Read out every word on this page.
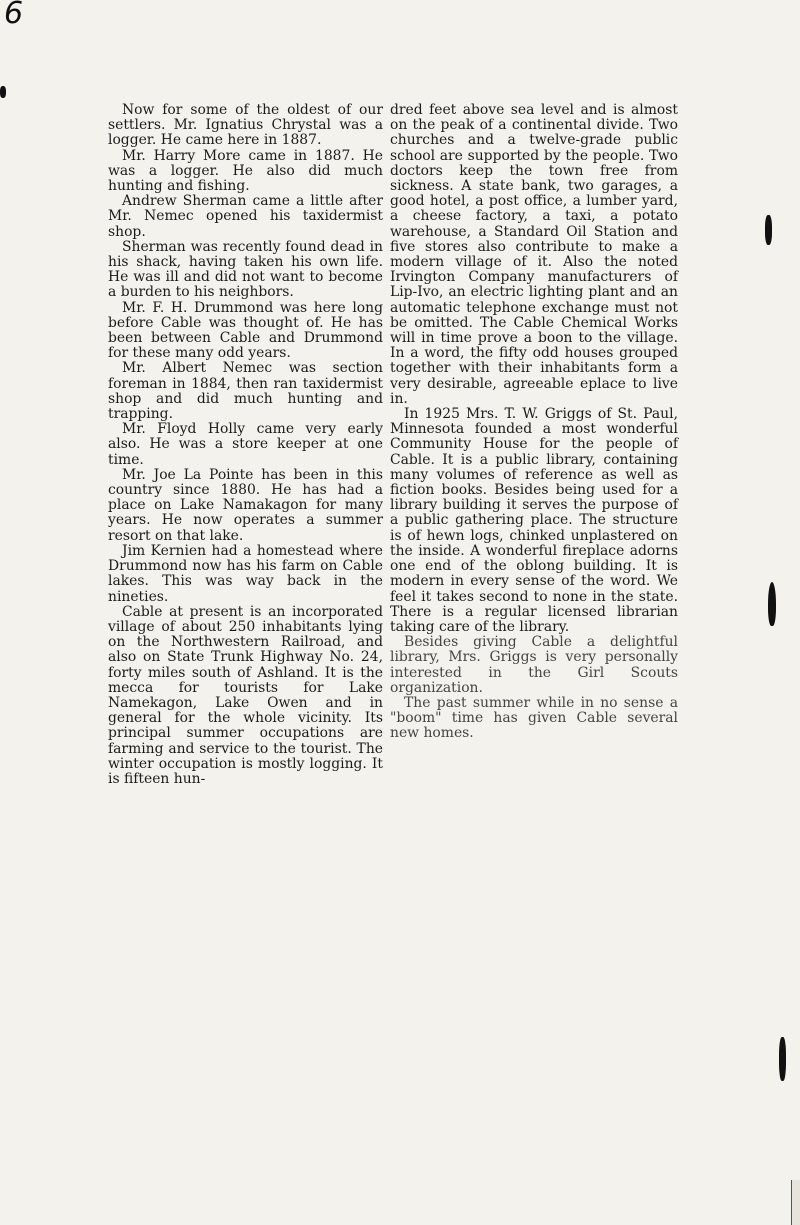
6

Now for some of the oldest of our settlers. Mr. Ignatius Chrystal was a logger. He came here in 1887.

Mr. Harry More came in 1887. He was a logger. He also did much hunting and fishing.

Andrew Sherman came a little after Mr. Nemec opened his taxidermist shop.

Sherman was recently found dead in his shack, having taken his own life. He was ill and did not want to become a burden to his neighbors.

Mr. F. H. Drummond was here long before Cable was thought of. He has been between Cable and Drummond for these many odd years.

Mr. Albert Nemec was section foreman in 1884, then ran taxidermist shop and did much hunting and trapping.

Mr. Floyd Holly came very early also. He was a store keeper at one time.

Mr. Joe La Pointe has been in this country since 1880. He has had a place on Lake Namakagon for many years. He now operates a summer resort on that lake.

Jim Kernien had a homestead where Drummond now has his farm on Cable lakes. This was way back in the nineties.

Cable at present is an incorporated village of about 250 inhabitants lying on the Northwestern Railroad, and also on State Trunk Highway No. 24, forty miles south of Ashland. It is the mecca for tourists for Lake Namekagon, Lake Owen and in general for the whole vicinity. Its principal summer occupations are farming and service to the tourist. The winter occupation is mostly logging. It is fifteen hun-

dred feet above sea level and is almost on the peak of a continental divide. Two churches and a twelve-grade public school are supported by the people. Two doctors keep the town free from sickness. A state bank, two garages, a good hotel, a post office, a lumber yard, a cheese factory, a taxi, a potato warehouse, a Standard Oil Station and five stores also contribute to make a modern village of it. Also the noted Irvington Company manufacturers of Lip-Ivo, an electric lighting plant and an automatic telephone exchange must not be omitted. The Cable Chemical Works will in time prove a boon to the village. In a word, the fifty odd houses grouped together with their inhabitants form a very desirable, agreeable eplace to live in.

In 1925 Mrs. T. W. Griggs of St. Paul, Minnesota founded a most wonderful Community House for the people of Cable. It is a public library, containing many volumes of reference as well as fiction books. Besides being used for a library building it serves the purpose of a public gathering place. The structure is of hewn logs, chinked unplastered on the inside. A wonderful fireplace adorns one end of the oblong building. It is modern in every sense of the word. We feel it takes second to none in the state. There is a regular licensed librarian taking care of the library.

Besides giving Cable a delightful library, Mrs. Griggs is very personally interested in the Girl Scouts organization.

The past summer while in no sense a "boom" time has given Cable several new homes.
